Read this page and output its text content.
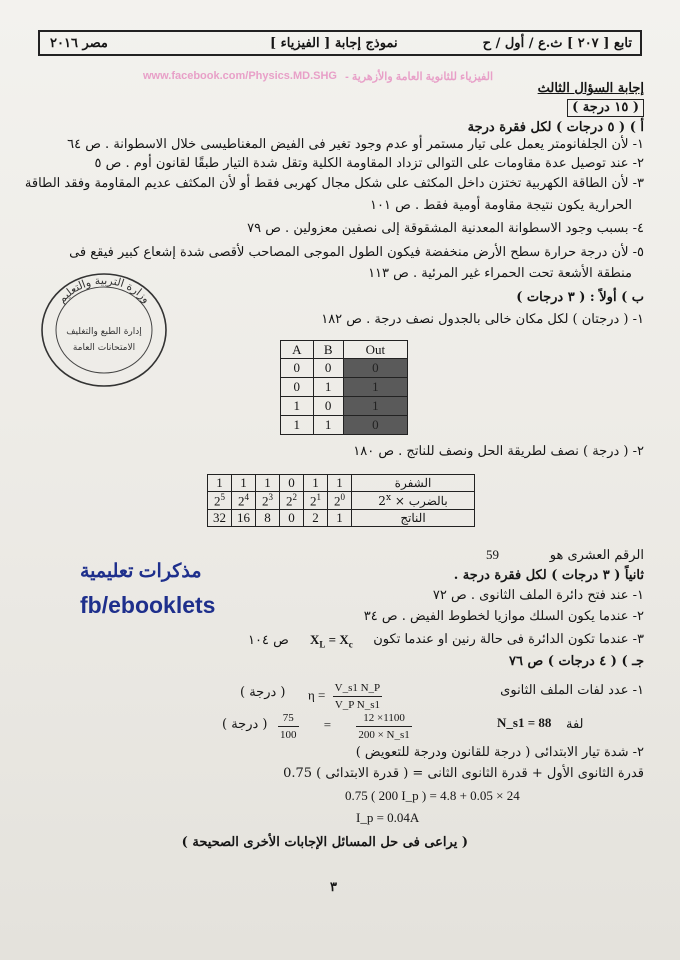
تابع [ ٢٠٧ ] ث.ع / أول / ح
نموذج إجابة [ الفيزياء ]
مصر ٢٠١٦
www.facebook.com/Physics.MD.SHG الفيزياء للثانوية العامة والأزهرية -
إجابة السؤال الثالث
( ١٥ درجة )
أ ) ( ٥ درجات ) لكل فقرة درجة
١- لأن الجلفانومتر يعمل على تيار مستمر أو عدم وجود تغير فى الفيض المغناطيسى خلال الاسطوانة . ص ٦٤
٢- عند توصيل عدة مقاومات على التوالى تزداد المقاومة الكلية وتقل شدة التيار طبقًا لقانون أوم . ص ٥
٣- لأن الطاقة الكهربية تختزن داخل المكثف على شكل مجال كهربى فقط أو لأن المكثف عديم المقاومة وفقد الطاقة
الحرارية يكون نتيجة مقاومة أومية فقط . ص ١٠١
٤- بسبب وجود الاسطوانة المعدنية المشقوقة إلى نصفين معزولين . ص ٧٩
٥- لأن درجة حرارة سطح الأرض منخفضة فيكون الطول الموجى المصاحب لأقصى شدة إشعاع كبير فيقع فى
منطقة الأشعة تحت الحمراء غير المرئية . ص ١١٣
وزارة التربية والتعليم
إدارة الطبع والتغليف
الامتحانات العامة
ب ) أولاً : ( ٣ درجات )
١- ( درجتان ) لكل مكان خالى بالجدول نصف درجة . ص ١٨٢
A	B	Out
0	0	0
0	1	1
1	0	1
1	1	0
٢- ( درجة ) نصف لطريقة الحل ونصف للناتج . ص ١٨٠
1	1	1	0	1	1	الشفرة
$2^5$	$2^4$	$2^3$	$2^2$	$2^1$	$2^0$	بالضرب × $2^x$
32	16	8	0	2	1	الناتج
الرقم العشرى هو
59
مذكرات تعليمية
fb/ebooklets
ثانياً ( ٣ درجات ) لكل فقرة درجة .
١- عند فتح دائرة الملف الثانوى . ص ٧٢
٢- عندما يكون السلك موازيا لخطوط الفيض . ص ٣٤
٣- عندما تكون الدائرة فى حالة رنين او عندما تكون
$X_L = X_c$
ص ١٠٤
جـ ) ( ٤ درجات ) ص ٧٦
١- عدد لفات الملف الثانوى
$\eta = \frac{V\_s1 N\_P}{\text{V\_P N\_s1}}$
( درجة )
$\frac{75}{100} = \frac{12 \times 1100}{200 \times N\_s1}$
( درجة )	N_s1 = 88 لفة
٢- شدة تيار الابتدائى ( درجة للقانون ودرجة للتعويض )
قدرة الثانوى الأول + قدرة الثانوى الثانى = ( قدرة الابتدائى ) 0.75
0.75 ( 200 I_p ) = 4.8 + 0.05 × 24
I_p = 0.04A
( يراعى فى حل المسائل الإجابات الأخرى الصحيحة )
٣
